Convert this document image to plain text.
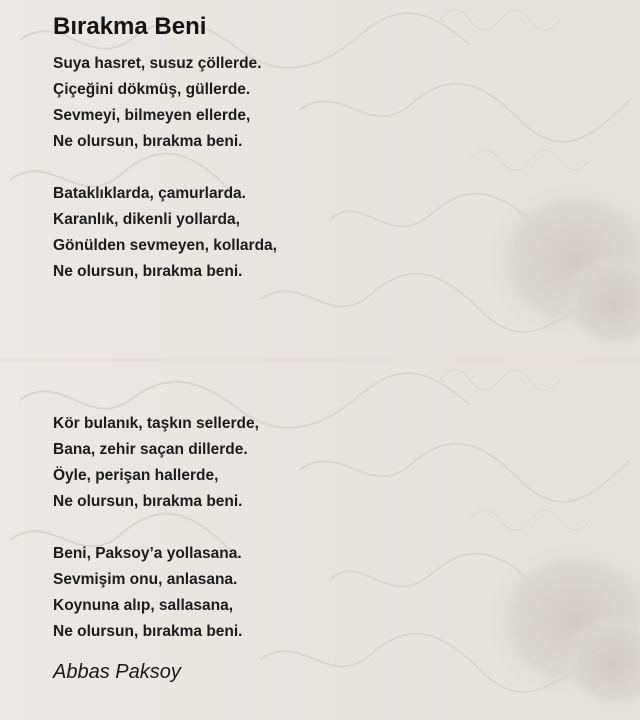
Bırakma Beni
Suya hasret, susuz çöllerde.
Çiçeğini dökmüş, güllerde.
Sevmeyi, bilmeyen ellerde,
Ne olursun, bırakma beni.
Bataklıklarda, çamurlarda.
Karanlık, dikenli yollarda,
Gönülden sevmeyen, kollarda,
Ne olursun, bırakma beni.
Kör bulanık, taşkın sellerde,
Bana, zehir saçan dillerde.
Öyle, perişan hallerde,
Ne olursun, bırakma beni.
Beni, Paksoy’a yollasana.
Sevmişim onu, anlasana.
Koynuna alıp, sallasana,
Ne olursun, bırakma beni.

Abbas Paksoy
